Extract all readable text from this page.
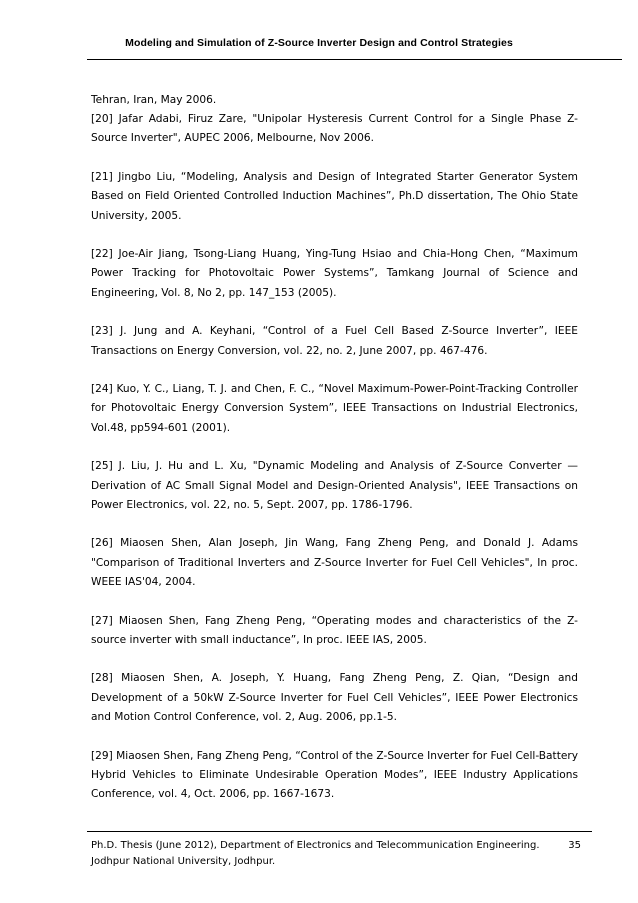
Modeling and Simulation of Z-Source Inverter Design and Control Strategies
Tehran, Iran, May 2006.
[20] Jafar Adabi, Firuz Zare, "Unipolar Hysteresis Current Control for a Single Phase Z-Source Inverter", AUPEC 2006, Melbourne, Nov 2006.
[21] Jingbo Liu, “Modeling, Analysis and Design of Integrated Starter Generator System Based on Field Oriented Controlled Induction Machines”, Ph.D dissertation, The Ohio State University, 2005.
[22] Joe-Air Jiang, Tsong-Liang Huang, Ying-Tung Hsiao and Chia-Hong Chen, “Maximum Power Tracking for Photovoltaic Power Systems”, Tamkang Journal of Science and Engineering, Vol. 8, No 2, pp. 147_153 (2005).
[23] J. Jung and A. Keyhani, “Control of a Fuel Cell Based Z-Source Inverter”, IEEE Transactions on Energy Conversion, vol. 22, no. 2, June 2007, pp. 467-476.
[24] Kuo, Y. C., Liang, T. J. and Chen, F. C., “Novel Maximum-Power-Point-Tracking Controller for Photovoltaic Energy Conversion System”, IEEE Transactions on Industrial Electronics, Vol.48, pp594-601 (2001).
[25] J. Liu, J. Hu and L. Xu, "Dynamic Modeling and Analysis of Z-Source Converter — Derivation of AC Small Signal Model and Design-Oriented Analysis", IEEE Transactions on Power Electronics, vol. 22, no. 5, Sept. 2007, pp. 1786-1796.
[26] Miaosen Shen, Alan Joseph, Jin Wang, Fang Zheng Peng, and Donald J. Adams "Comparison of Traditional Inverters and Z-Source Inverter for Fuel Cell Vehicles", In proc. WEEE IAS'04, 2004.
[27] Miaosen Shen, Fang Zheng Peng, “Operating modes and characteristics of the Z-source inverter with small inductance”, In proc. IEEE IAS, 2005.
[28] Miaosen Shen, A. Joseph, Y. Huang, Fang Zheng Peng, Z. Qian, “Design and Development of a 50kW Z-Source Inverter for Fuel Cell Vehicles”, IEEE Power Electronics and Motion Control Conference, vol. 2, Aug. 2006, pp.1-5.
[29] Miaosen Shen, Fang Zheng Peng, “Control of the Z-Source Inverter for Fuel Cell-Battery Hybrid Vehicles to Eliminate Undesirable Operation Modes”, IEEE Industry Applications Conference, vol. 4, Oct. 2006, pp. 1667-1673.
Ph.D. Thesis (June 2012), Department of Electronics and Telecommunication Engineering.	35
Jodhpur National University, Jodhpur.
